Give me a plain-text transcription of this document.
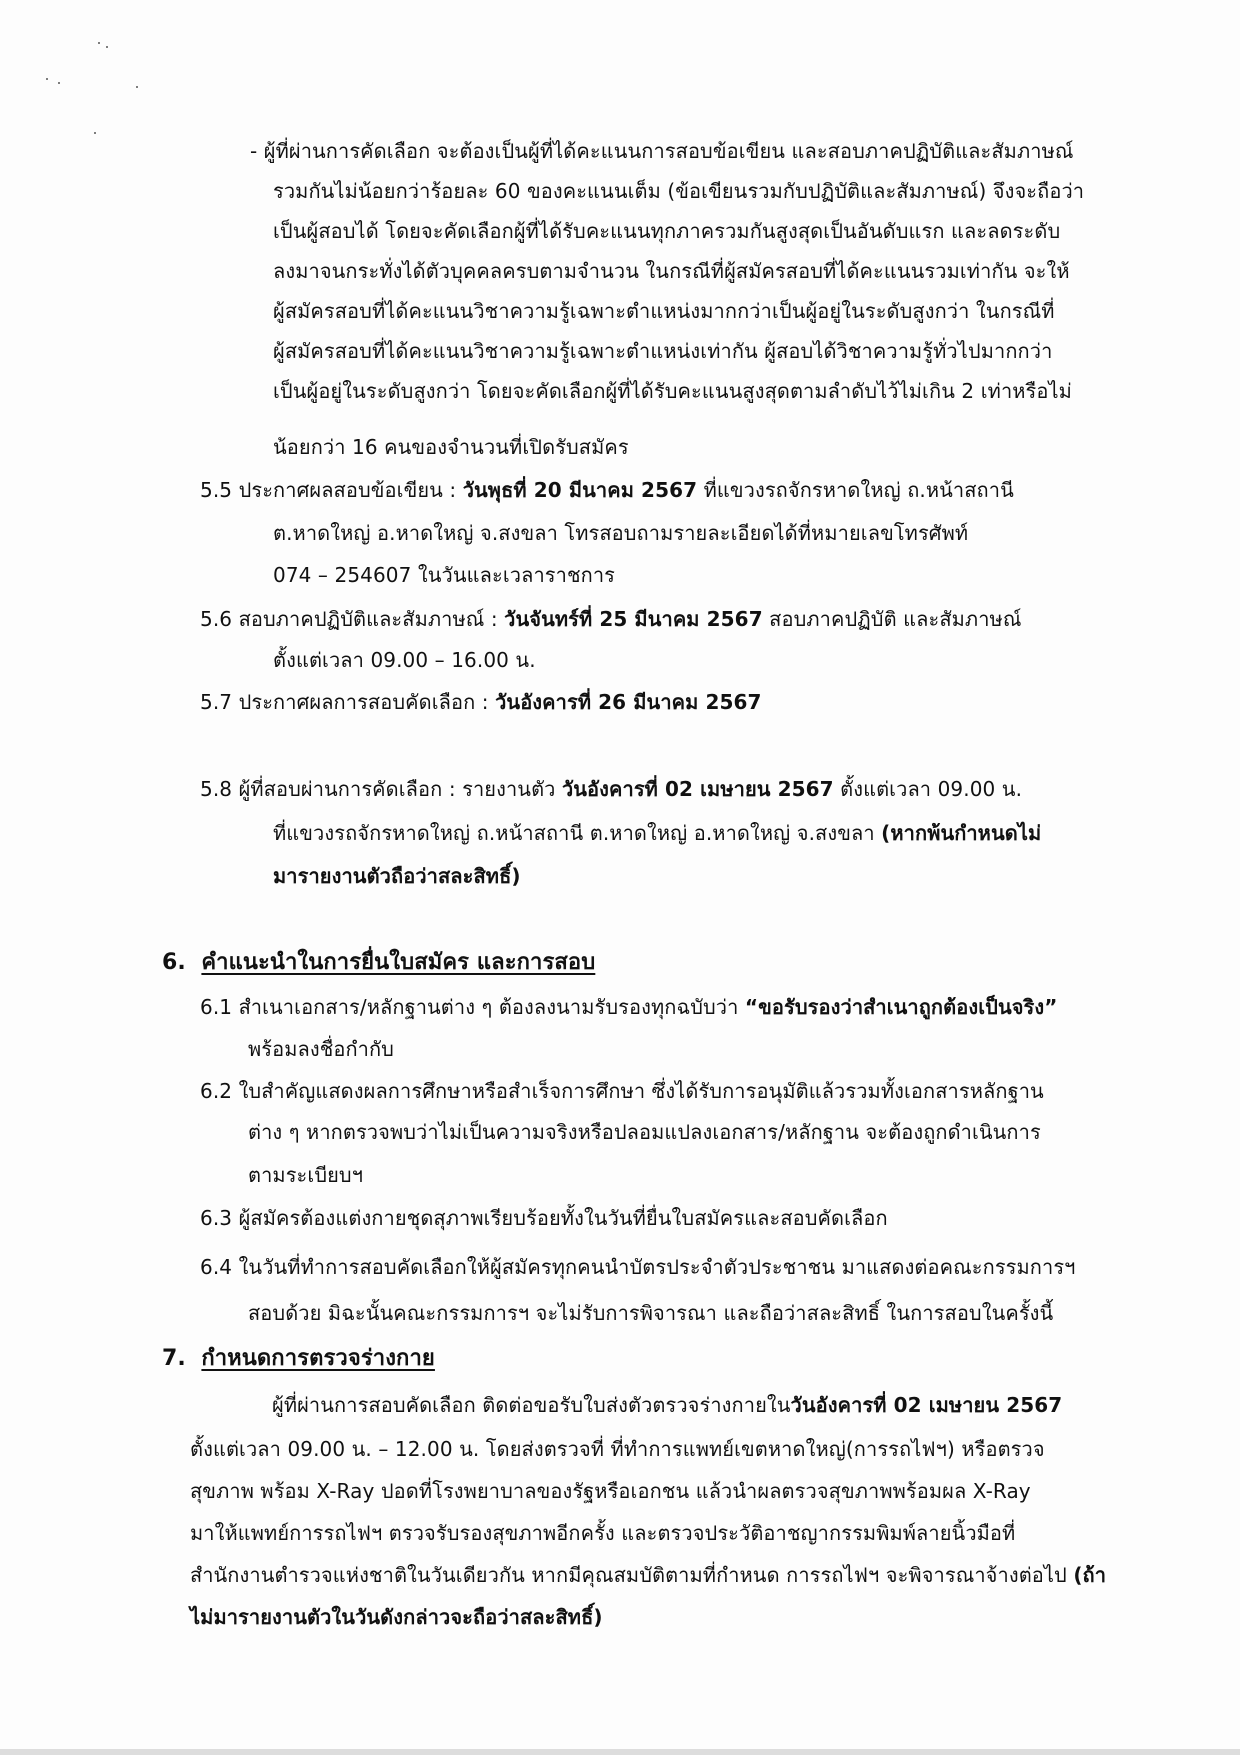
- ผู้ที่ผ่านการคัดเลือก จะต้องเป็นผู้ที่ได้คะแนนการสอบข้อเขียน และสอบภาคปฏิบัติและสัมภาษณ์
รวมกันไม่น้อยกว่าร้อยละ 60 ของคะแนนเต็ม (ข้อเขียนรวมกับปฏิบัติและสัมภาษณ์) จึงจะถือว่า
เป็นผู้สอบได้ โดยจะคัดเลือกผู้ที่ได้รับคะแนนทุกภาครวมกันสูงสุดเป็นอันดับแรก และลดระดับ
ลงมาจนกระทั่งได้ตัวบุคคลครบตามจำนวน ในกรณีที่ผู้สมัครสอบที่ได้คะแนนรวมเท่ากัน จะให้
ผู้สมัครสอบที่ได้คะแนนวิชาความรู้เฉพาะตำแหน่งมากกว่าเป็นผู้อยู่ในระดับสูงกว่า ในกรณีที่
ผู้สมัครสอบที่ได้คะแนนวิชาความรู้เฉพาะตำแหน่งเท่ากัน ผู้สอบได้วิชาความรู้ทั่วไปมากกว่า
เป็นผู้อยู่ในระดับสูงกว่า โดยจะคัดเลือกผู้ที่ได้รับคะแนนสูงสุดตามลำดับไว้ไม่เกิน 2 เท่าหรือไม่
น้อยกว่า 16 คนของจำนวนที่เปิดรับสมัคร
5.5 ประกาศผลสอบข้อเขียน : วันพุธที่ 20 มีนาคม 2567 ที่แขวงรถจักรหาดใหญ่ ถ.หน้าสถานี
ต.หาดใหญ่ อ.หาดใหญ่ จ.สงขลา โทรสอบถามรายละเอียดได้ที่หมายเลขโทรศัพท์
074 – 254607 ในวันและเวลาราชการ
5.6 สอบภาคปฏิบัติและสัมภาษณ์ : วันจันทร์ที่ 25 มีนาคม 2567 สอบภาคปฏิบัติ และสัมภาษณ์
ตั้งแต่เวลา 09.00 – 16.00 น.
5.7 ประกาศผลการสอบคัดเลือก : วันอังคารที่ 26 มีนาคม 2567
5.8 ผู้ที่สอบผ่านการคัดเลือก : รายงานตัว วันอังคารที่ 02 เมษายน 2567 ตั้งแต่เวลา 09.00 น.
ที่แขวงรถจักรหาดใหญ่ ถ.หน้าสถานี ต.หาดใหญ่ อ.หาดใหญ่ จ.สงขลา (หากพ้นกำหนดไม่
มารายงานตัวถือว่าสละสิทธิ์)
6. คำแนะนำในการยื่นใบสมัคร และการสอบ
6.1 สำเนาเอกสาร/หลักฐานต่าง ๆ ต้องลงนามรับรองทุกฉบับว่า “ขอรับรองว่าสำเนาถูกต้องเป็นจริง”
พร้อมลงชื่อกำกับ
6.2 ใบสำคัญแสดงผลการศึกษาหรือสำเร็จการศึกษา ซึ่งได้รับการอนุมัติแล้วรวมทั้งเอกสารหลักฐาน
ต่าง ๆ หากตรวจพบว่าไม่เป็นความจริงหรือปลอมแปลงเอกสาร/หลักฐาน จะต้องถูกดำเนินการ
ตามระเบียบฯ
6.3 ผู้สมัครต้องแต่งกายชุดสุภาพเรียบร้อยทั้งในวันที่ยื่นใบสมัครและสอบคัดเลือก
6.4 ในวันที่ทำการสอบคัดเลือกให้ผู้สมัครทุกคนนำบัตรประจำตัวประชาชน มาแสดงต่อคณะกรรมการฯ
สอบด้วย มิฉะนั้นคณะกรรมการฯ จะไม่รับการพิจารณา และถือว่าสละสิทธิ์ ในการสอบในครั้งนี้
7. กำหนดการตรวจร่างกาย
ผู้ที่ผ่านการสอบคัดเลือก ติดต่อขอรับใบส่งตัวตรวจร่างกายในวันอังคารที่ 02 เมษายน 2567
ตั้งแต่เวลา 09.00 น. – 12.00 น. โดยส่งตรวจที่ ที่ทำการแพทย์เขตหาดใหญ่(การรถไฟฯ) หรือตรวจ
สุขภาพ พร้อม X-Ray ปอดที่โรงพยาบาลของรัฐหรือเอกชน แล้วนำผลตรวจสุขภาพพร้อมผล X-Ray
มาให้แพทย์การรถไฟฯ ตรวจรับรองสุขภาพอีกครั้ง และตรวจประวัติอาชญากรรมพิมพ์ลายนิ้วมือที่
สำนักงานตำรวจแห่งชาติในวันเดียวกัน หากมีคุณสมบัติตามที่กำหนด การรถไฟฯ จะพิจารณาจ้างต่อไป (ถ้า
ไม่มารายงานตัวในวันดังกล่าวจะถือว่าสละสิทธิ์)
